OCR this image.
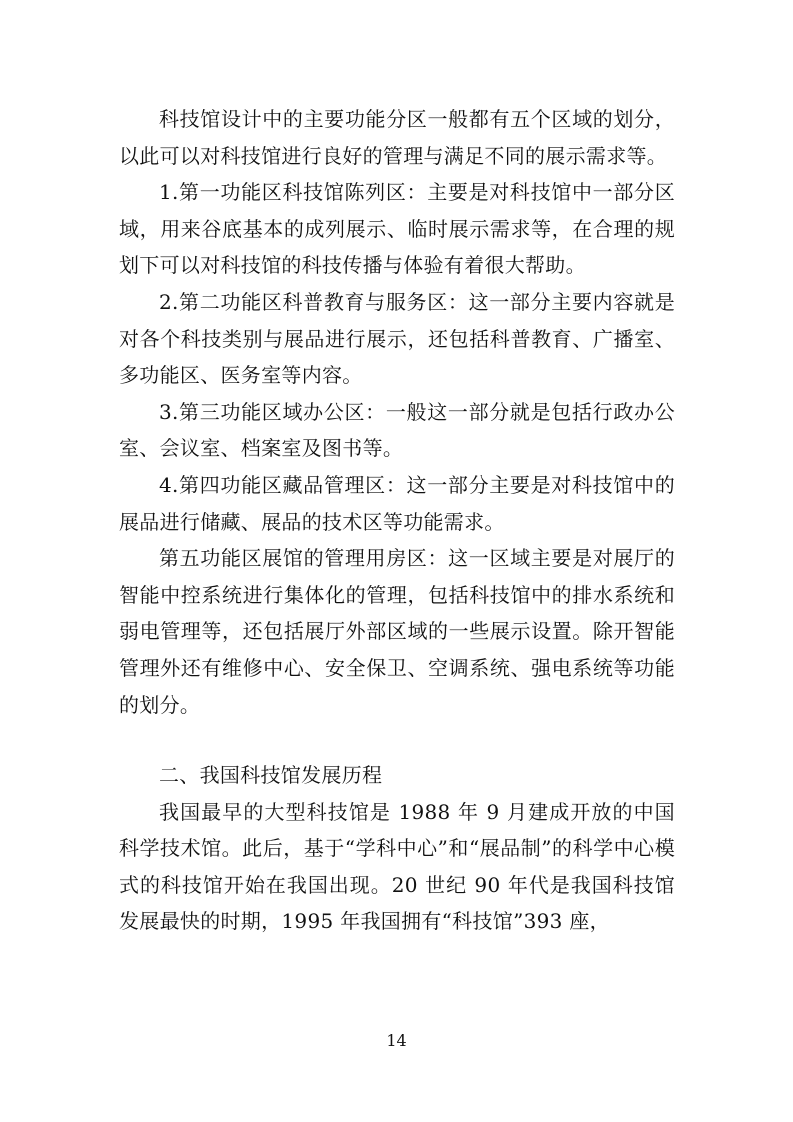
科技馆设计中的主要功能分区一般都有五个区域的划分，以此可以对科技馆进行良好的管理与满足不同的展示需求等。

1.第一功能区科技馆陈列区：主要是对科技馆中一部分区域，用来谷底基本的成列展示、临时展示需求等，在合理的规划下可以对科技馆的科技传播与体验有着很大帮助。

2.第二功能区科普教育与服务区：这一部分主要内容就是对各个科技类别与展品进行展示，还包括科普教育、广播室、多功能区、医务室等内容。

3.第三功能区域办公区：一般这一部分就是包括行政办公室、会议室、档案室及图书等。

4.第四功能区藏品管理区：这一部分主要是对科技馆中的展品进行储藏、展品的技术区等功能需求。

第五功能区展馆的管理用房区：这一区域主要是对展厅的智能中控系统进行集体化的管理，包括科技馆中的排水系统和弱电管理等，还包括展厅外部区域的一些展示设置。除开智能管理外还有维修中心、安全保卫、空调系统、强电系统等功能的划分。

二、我国科技馆发展历程

我国最早的大型科技馆是 1988 年 9 月建成开放的中国科学技术馆。此后，基于“学科中心”和“展品制”的科学中心模式的科技馆开始在我国出现。20 世纪 90 年代是我国科技馆发展最快的时期，1995 年我国拥有“科技馆”393 座，

14
